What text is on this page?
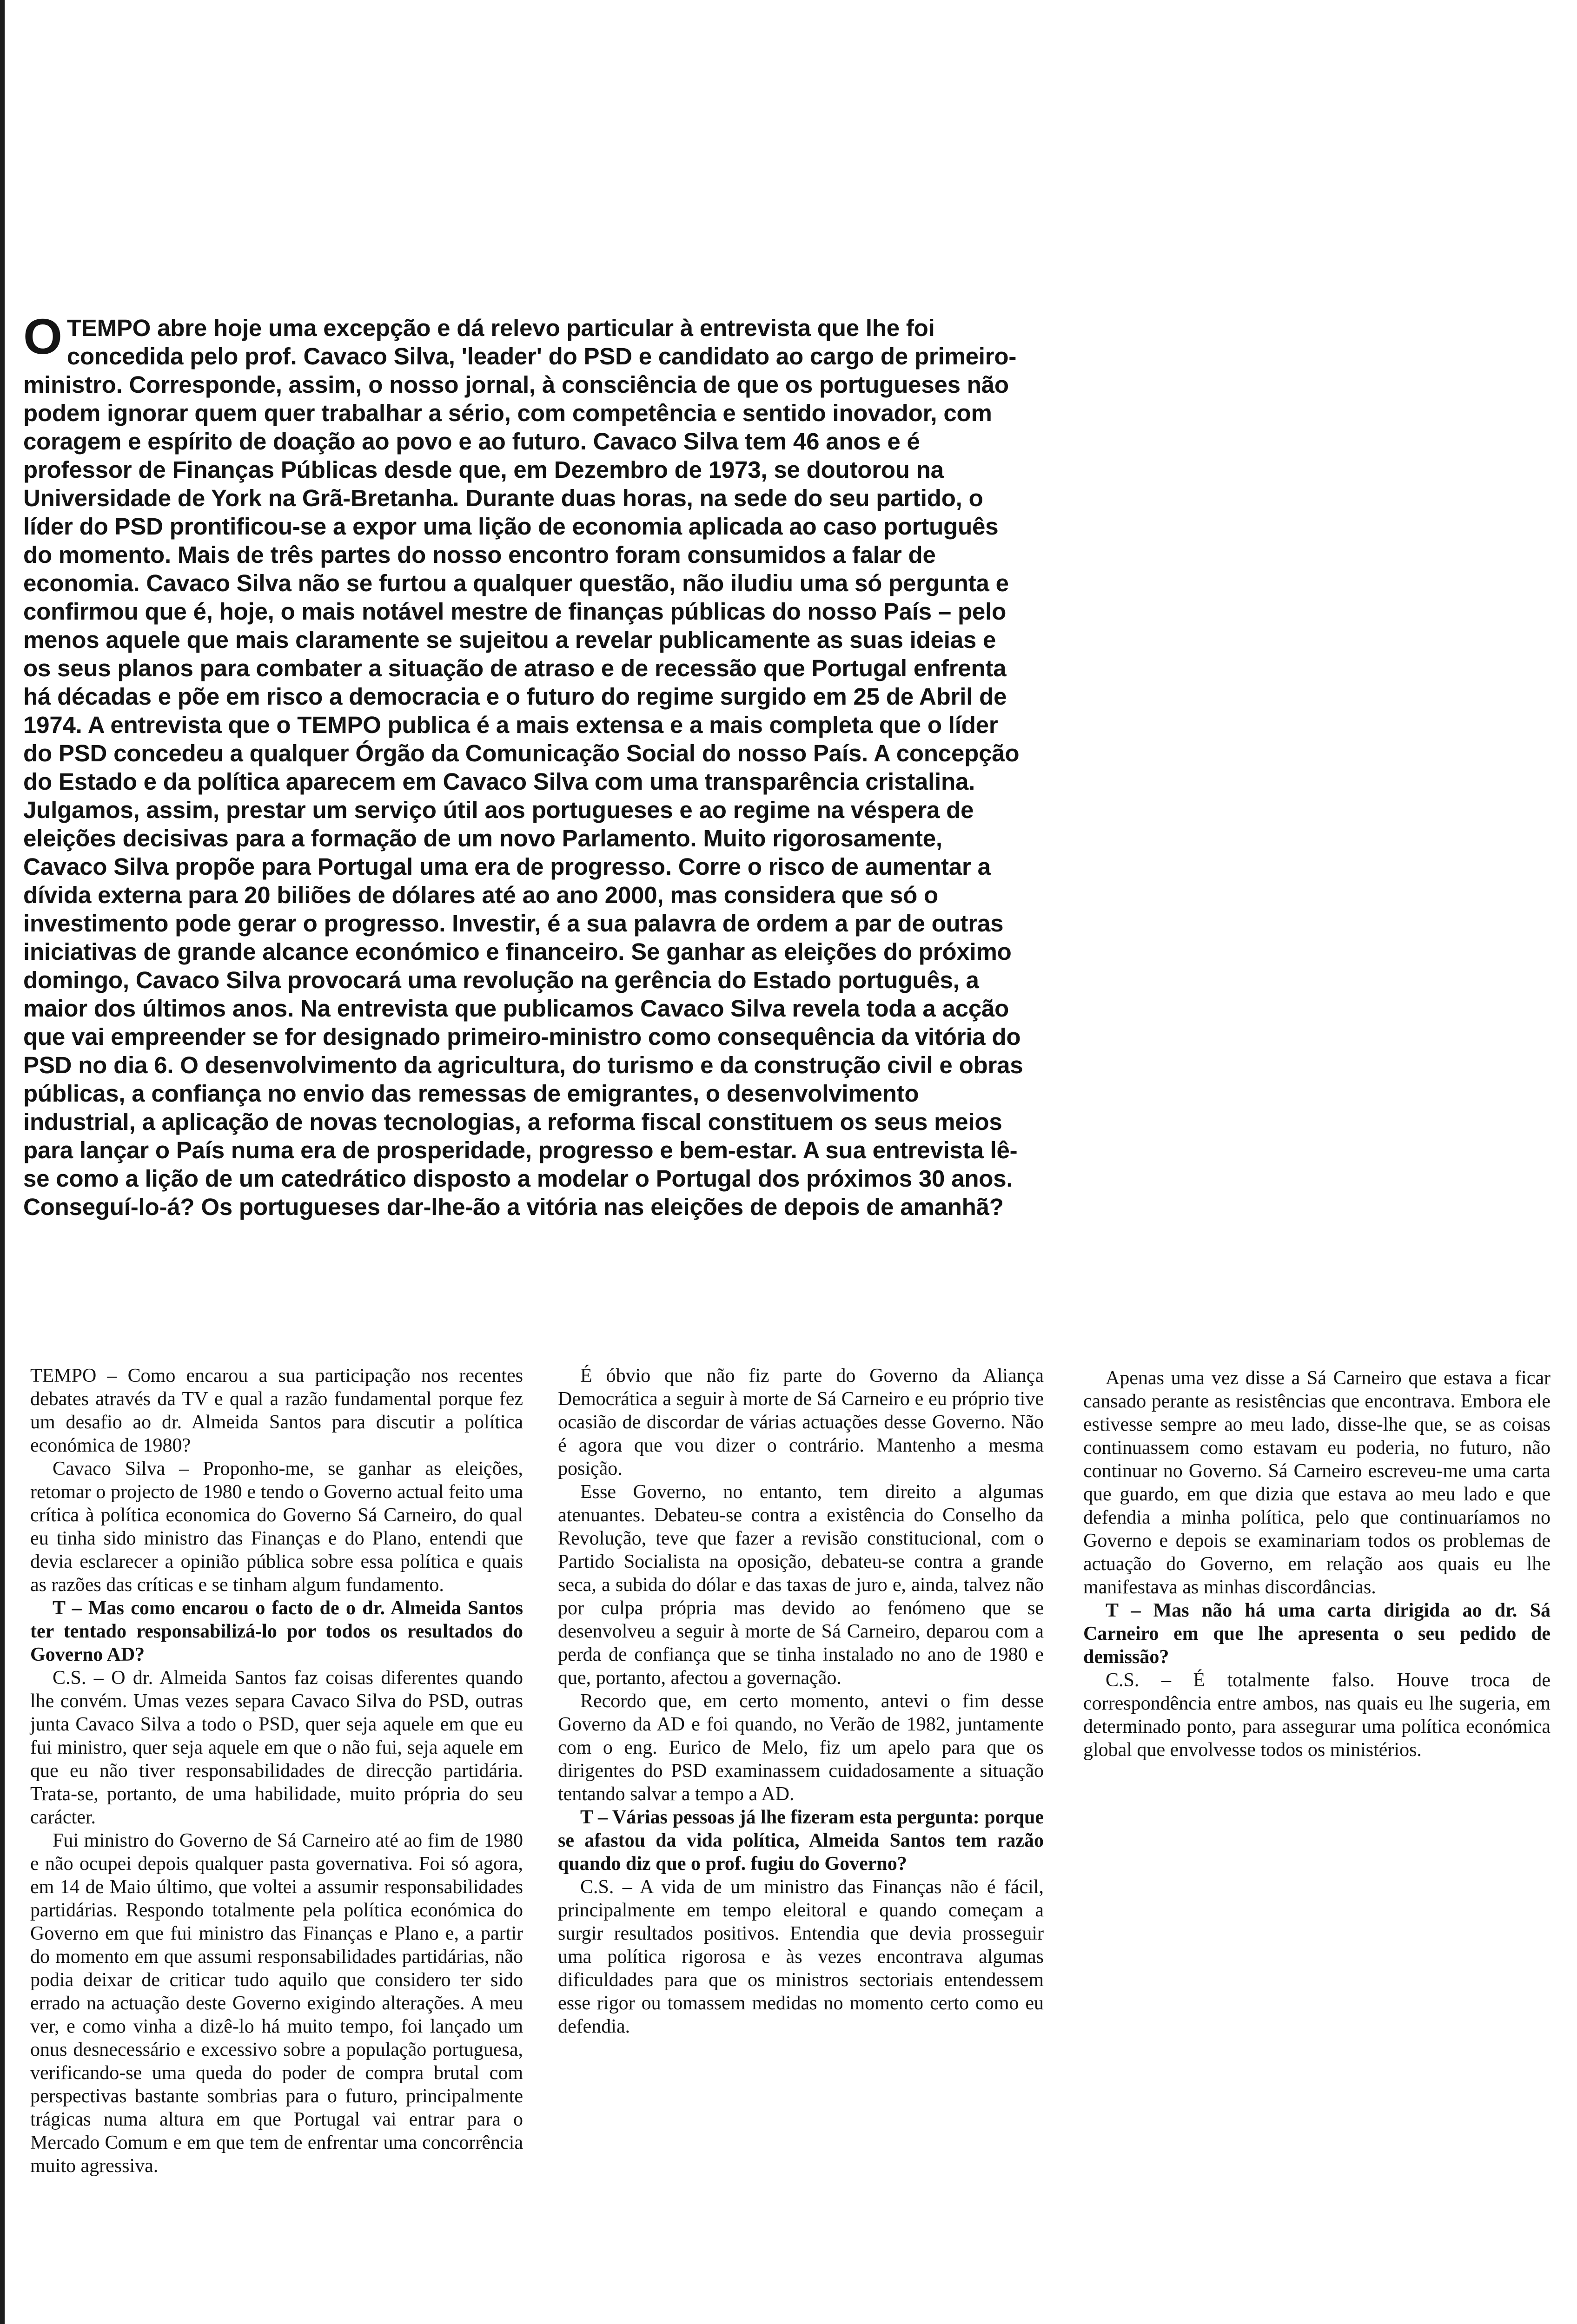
OTEMPO abre hoje uma excepção e dá relevo particular à entrevista que lhe foi concedida pelo prof. Cavaco Silva, 'leader' do PSD e candidato ao cargo de primeiro-ministro. Corresponde, assim, o nosso jornal, à consciência de que os portugueses não podem ignorar quem quer trabalhar a sério, com competência e sentido inovador, com coragem e espírito de doação ao povo e ao futuro. Cavaco Silva tem 46 anos e é professor de Finanças Públicas desde que, em Dezembro de 1973, se doutorou na Universidade de York na Grã-Bretanha. Durante duas horas, na sede do seu partido, o líder do PSD prontificou-se a expor uma lição de economia aplicada ao caso português do momento. Mais de três partes do nosso encontro foram consumidos a falar de economia. Cavaco Silva não se furtou a qualquer questão, não iludiu uma só pergunta e confirmou que é, hoje, o mais notável mestre de finanças públicas do nosso País – pelo menos aquele que mais claramente se sujeitou a revelar publicamente as suas ideias e os seus planos para combater a situação de atraso e de recessão que Portugal enfrenta há décadas e põe em risco a democracia e o futuro do regime surgido em 25 de Abril de 1974. A entrevista que o TEMPO publica é a mais extensa e a mais completa que o líder do PSD concedeu a qualquer Órgão da Comunicação Social do nosso País. A concepção do Estado e da política aparecem em Cavaco Silva com uma transparência cristalina. Julgamos, assim, prestar um serviço útil aos portugueses e ao regime na véspera de eleições decisivas para a formação de um novo Parlamento. Muito rigorosamente, Cavaco Silva propõe para Portugal uma era de progresso. Corre o risco de aumentar a dívida externa para 20 biliões de dólares até ao ano 2000, mas considera que só o investimento pode gerar o progresso. Investir, é a sua palavra de ordem a par de outras iniciativas de grande alcance económico e financeiro. Se ganhar as eleições do próximo domingo, Cavaco Silva provocará uma revolução na gerência do Estado português, a maior dos últimos anos. Na entrevista que publicamos Cavaco Silva revela toda a acção que vai empreender se for designado primeiro-ministro como consequência da vitória do PSD no dia 6. O desenvolvimento da agricultura, do turismo e da construção civil e obras públicas, a confiança no envio das remessas de emigrantes, o desenvolvimento industrial, a aplicação de novas tecnologias, a reforma fiscal constituem os seus meios para lançar o País numa era de prosperidade, progresso e bem-estar. A sua entrevista lê-se como a lição de um catedrático disposto a modelar o Portugal dos próximos 30 anos. Conseguí-lo-á? Os portugueses dar-lhe-ão a vitória nas eleições de depois de amanhã?

TEMPO – Como encarou a sua participação nos recentes debates através da TV e qual a razão fundamental porque fez um desafio ao dr. Almeida Santos para discutir a política económica de 1980?

Cavaco Silva – Proponho-me, se ganhar as eleições, retomar o projecto de 1980 e tendo o Governo actual feito uma crítica à política economica do Governo Sá Carneiro, do qual eu tinha sido ministro das Finanças e do Plano, entendi que devia esclarecer a opinião pública sobre essa política e quais as razões das críticas e se tinham algum fundamento.

T – Mas como encarou o facto de o dr. Almeida Santos ter tentado responsabilizá-lo por todos os resultados do Governo AD?

C.S. – O dr. Almeida Santos faz coisas diferentes quando lhe convém. Umas vezes separa Cavaco Silva do PSD, outras junta Cavaco Silva a todo o PSD, quer seja aquele em que eu fui ministro, quer seja aquele em que o não fui, seja aquele em que eu não tiver responsabilidades de direcção partidária. Trata-se, portanto, de uma habilidade, muito própria do seu carácter.

Fui ministro do Governo de Sá Carneiro até ao fim de 1980 e não ocupei depois qualquer pasta governativa. Foi só agora, em 14 de Maio último, que voltei a assumir responsabilidades partidárias. Respondo totalmente pela política económica do Governo em que fui ministro das Finanças e Plano e, a partir do momento em que assumi responsabilidades partidárias, não podia deixar de criticar tudo aquilo que considero ter sido errado na actuação deste Governo exigindo alterações. A meu ver, e como vinha a dizê-lo há muito tempo, foi lançado um onus desnecessário e excessivo sobre a população portuguesa, verificando-se uma queda do poder de compra brutal com perspectivas bastante sombrias para o futuro, principalmente trágicas numa altura em que Portugal vai entrar para o Mercado Comum e em que tem de enfrentar uma concorrência muito agressiva.

É óbvio que não fiz parte do Governo da Aliança Democrática a seguir à morte de Sá Carneiro e eu próprio tive ocasião de discordar de várias actuações desse Governo. Não é agora que vou dizer o contrário. Mantenho a mesma posição.

Esse Governo, no entanto, tem direito a algumas atenuantes. Debateu-se contra a existência do Conselho da Revolução, teve que fazer a revisão constitucional, com o Partido Socialista na oposição, debateu-se contra a grande seca, a subida do dólar e das taxas de juro e, ainda, talvez não por culpa própria mas devido ao fenómeno que se desenvolveu a seguir à morte de Sá Carneiro, deparou com a perda de confiança que se tinha instalado no ano de 1980 e que, portanto, afectou a governação.

Recordo que, em certo momento, antevi o fim desse Governo da AD e foi quando, no Verão de 1982, juntamente com o eng. Eurico de Melo, fiz um apelo para que os dirigentes do PSD examinassem cuidadosamente a situação tentando salvar a tempo a AD.

T – Várias pessoas já lhe fizeram esta pergunta: porque se afastou da vida política, Almeida Santos tem razão quando diz que o prof. fugiu do Governo?

C.S. – A vida de um ministro das Finanças não é fácil, principalmente em tempo eleitoral e quando começam a surgir resultados positivos. Entendia que devia prosseguir uma política rigorosa e às vezes encontrava algumas dificuldades para que os ministros sectoriais entendessem esse rigor ou tomassem medidas no momento certo como eu defendia.

Apenas uma vez disse a Sá Carneiro que estava a ficar cansado perante as resistências que encontrava. Embora ele estivesse sempre ao meu lado, disse-lhe que, se as coisas continuassem como estavam eu poderia, no futuro, não continuar no Governo. Sá Carneiro escreveu-me uma carta que guardo, em que dizia que estava ao meu lado e que defendia a minha política, pelo que continuaríamos no Governo e depois se examinariam todos os problemas de actuação do Governo, em relação aos quais eu lhe manifestava as minhas discordâncias.

T – Mas não há uma carta dirigida ao dr. Sá Carneiro em que lhe apresenta o seu pedido de demissão?

C.S. – É totalmente falso. Houve troca de correspondência entre ambos, nas quais eu lhe sugeria, em determinado ponto, para assegurar uma política económica global que envolvesse todos os ministérios.
